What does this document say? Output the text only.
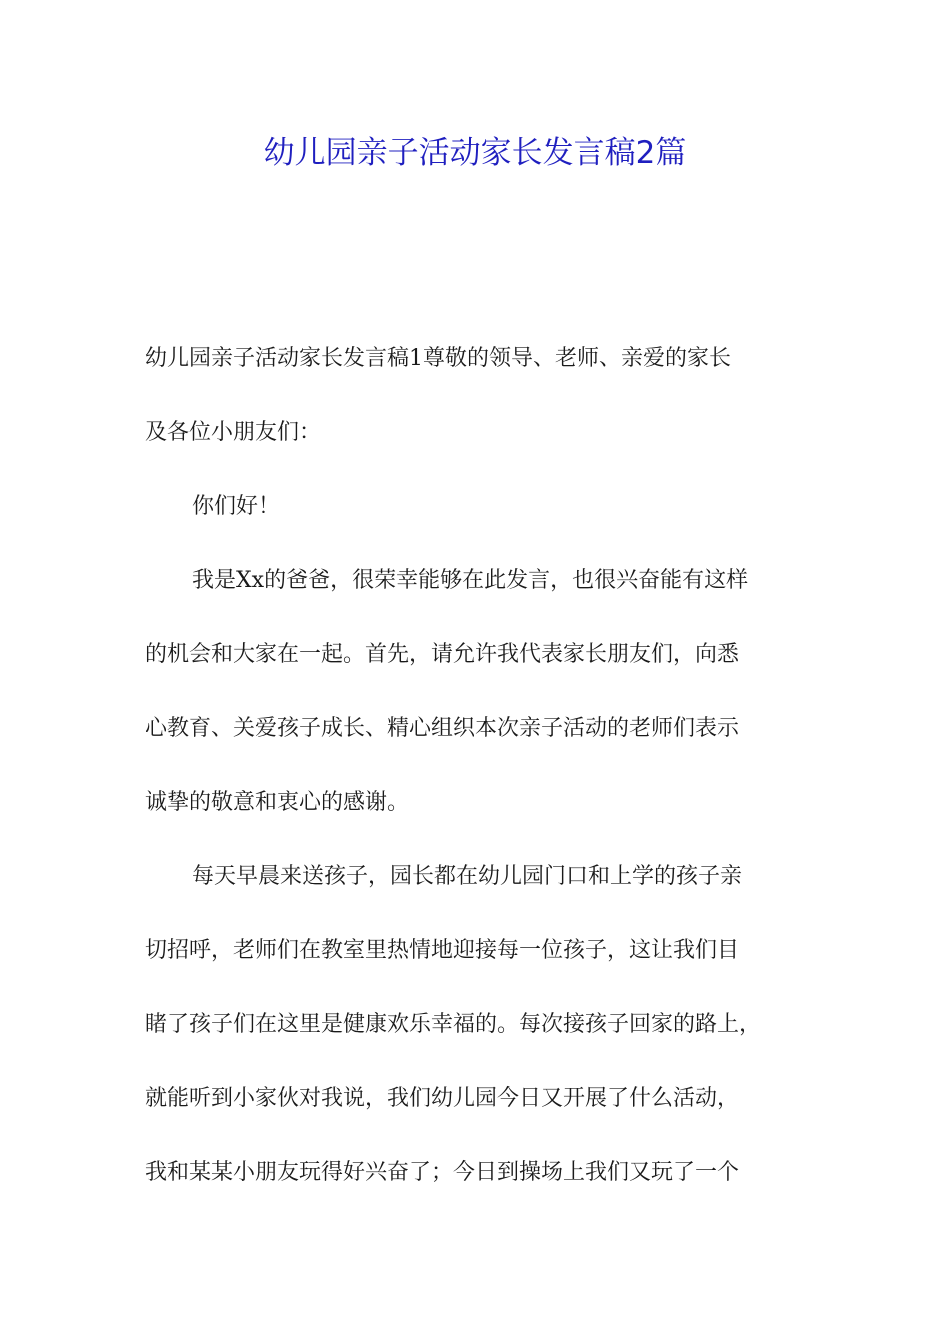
幼儿园亲子活动家长发言稿2篇
幼儿园亲子活动家长发言稿1尊敬的领导、老师、亲爱的家长
及各位小朋友们：
你们好！
我是Xx的爸爸，很荣幸能够在此发言，也很兴奋能有这样
的机会和大家在一起。首先，请允许我代表家长朋友们，向悉
心教育、关爱孩子成长、精心组织本次亲子活动的老师们表示
诚挚的敬意和衷心的感谢。
每天早晨来送孩子，园长都在幼儿园门口和上学的孩子亲
切招呼，老师们在教室里热情地迎接每一位孩子，这让我们目
睹了孩子们在这里是健康欢乐幸福的。每次接孩子回家的路上，
就能听到小家伙对我说，我们幼儿园今日又开展了什么活动，
我和某某小朋友玩得好兴奋了；今日到操场上我们又玩了一个
